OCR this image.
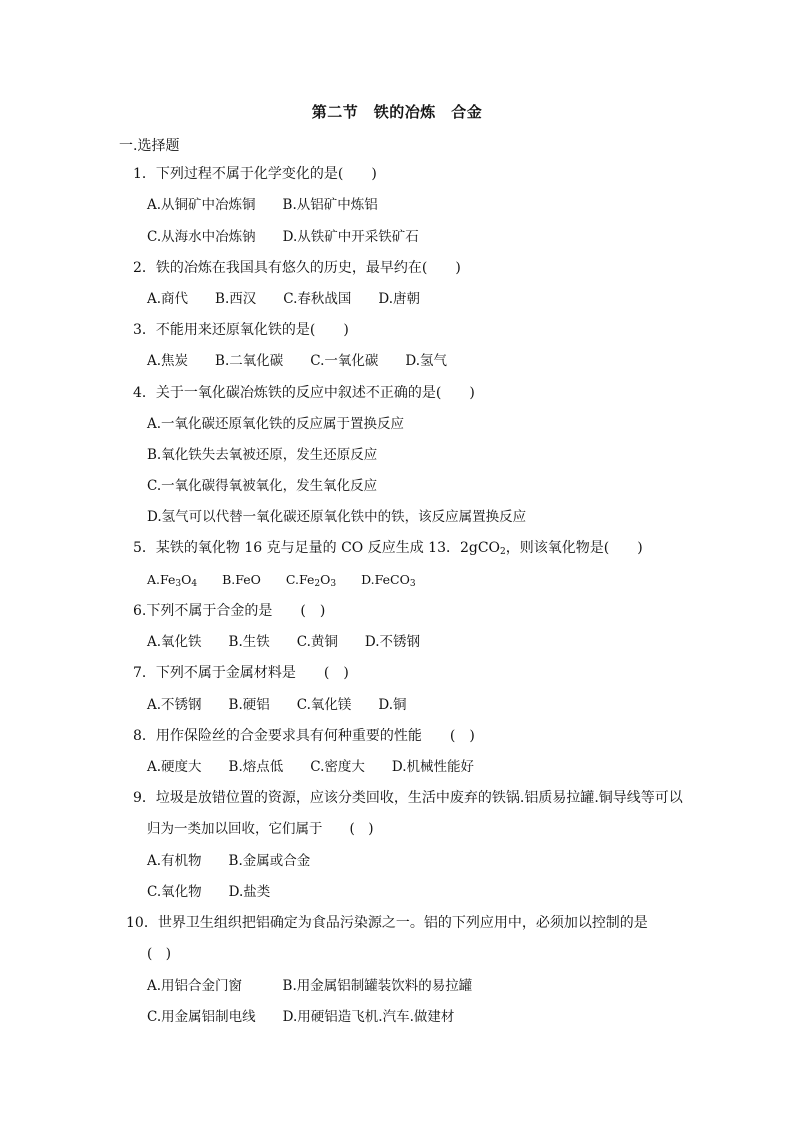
第二节　铁的冶炼　合金
一.选择题
1．下列过程不属于化学变化的是(　　)
A.从铜矿中冶炼铜　　B.从铝矿中炼铝
C.从海水中冶炼钠　　D.从铁矿中开采铁矿石
2．铁的冶炼在我国具有悠久的历史，最早约在(　　)
A.商代　　B.西汉　　C.春秋战国　　D.唐朝
3．不能用来还原氧化铁的是(　　)
A.焦炭　　B.二氧化碳　　C.一氧化碳　　D.氢气
4．关于一氧化碳冶炼铁的反应中叙述不正确的是(　　)
A.一氧化碳还原氧化铁的反应属于置换反应
B.氧化铁失去氧被还原，发生还原反应
C.一氧化碳得氧被氧化，发生氧化反应
D.氢气可以代替一氧化碳还原氧化铁中的铁，该反应属置换反应
5．某铁的氧化物 16 克与足量的 CO 反应生成 13．2gCO$_2$，则该氧化物是(　　)
$A.Fe_3O_4$　　B.FeO　　$C.Fe_2O_3$　　D.FeCO$_3$
6.下列不属于合金的是　　(　)
A.氧化铁　　B.生铁　　C.黄铜　　D.不锈钢
7．下列不属于金属材料是　　(　)
A.不锈钢　　B.硬铝　　C.氧化镁　　D.铜
8．用作保险丝的合金要求具有何种重要的性能　　(　)
A.硬度大　　B.熔点低　　C.密度大　　D.机械性能好
9．垃圾是放错位置的资源，应该分类回收，生活中废弃的铁锅.铝质易拉罐.铜导线等可以
归为一类加以回收，它们属于　　(　)
A.有机物　　B.金属或合金
C.氧化物　　D.盐类
10．世界卫生组织把铝确定为食品污染源之一。铝的下列应用中，必须加以控制的是
(　)
A.用铝合金门窗　　　B.用金属铝制罐装饮料的易拉罐
C.用金属铝制电线　　D.用硬铝造飞机.汽车.做建材
